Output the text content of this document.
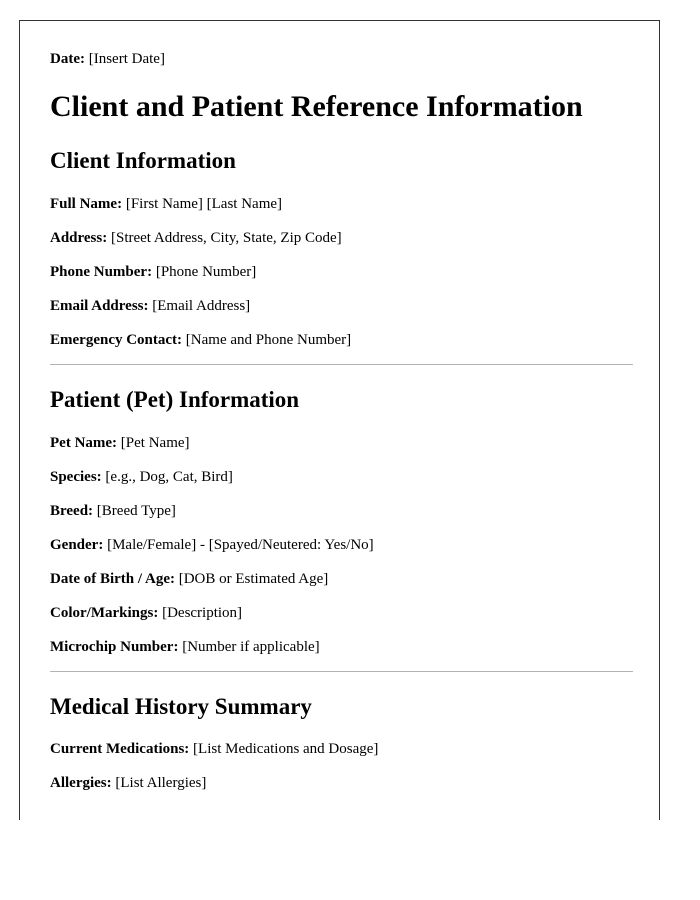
Date: [Insert Date]

Client and Patient Reference Information
Client Information

Full Name: [First Name] [Last Name]

Address: [Street Address, City, State, Zip Code]

Phone Number: [Phone Number]

Email Address: [Email Address]

Emergency Contact: [Name and Phone Number]

Patient (Pet) Information

Pet Name: [Pet Name]

Species: [e.g., Dog, Cat, Bird]

Breed: [Breed Type]

Gender: [Male/Female] - [Spayed/Neutered: Yes/No]

Date of Birth / Age: [DOB or Estimated Age]

Color/Markings: [Description]

Microchip Number: [Number if applicable]

Medical History Summary

Current Medications: [List Medications and Dosage]

Allergies: [List Allergies]
